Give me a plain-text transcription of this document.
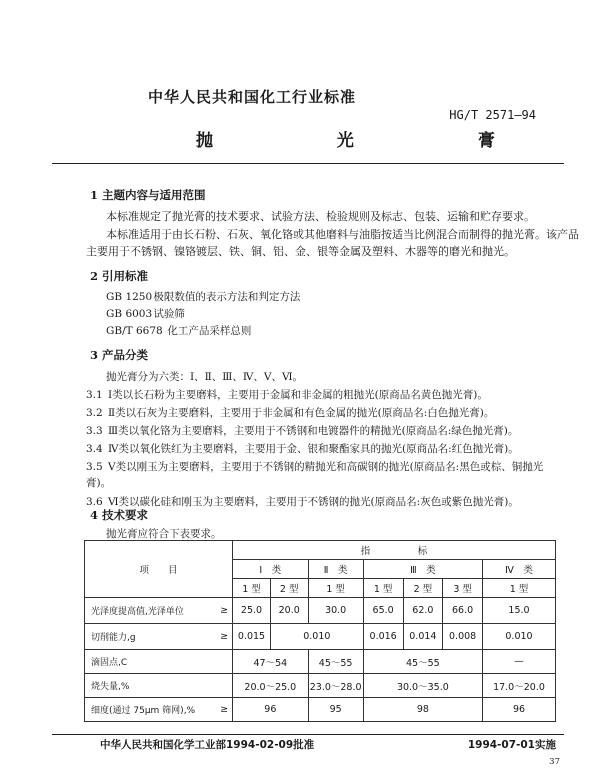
中华人民共和国化工行业标准
HG/T 2571—94
抛 光 膏
1 主题内容与适用范围
本标准规定了抛光膏的技术要求、试验方法、检验规则及标志、包装、运输和贮存要求。
本标准适用于由长石粉、石灰、氧化铬或其他磨料与油脂按适当比例混合而制得的抛光膏。该产品
主要用于不锈钢、镍铬镀层、铁、铜、铝、金、银等金属及塑料、木器等的磨光和抛光。
2 引用标准
GB 1250 极限数值的表示方法和判定方法
GB 6003 试验筛
GB/T 6678 化工产品采样总则
3 产品分类
抛光膏分为六类：Ⅰ、Ⅱ、Ⅲ、Ⅳ、Ⅴ、Ⅵ。
3.1 Ⅰ类以长石粉为主要磨料，主要用于金属和非金属的粗抛光(原商品名黄色抛光膏)。
3.2 Ⅱ类以石灰为主要磨料，主要用于非金属和有色金属的抛光(原商品名:白色抛光膏)。
3.3 Ⅲ类以氧化铬为主要磨料，主要用于不锈钢和电镀器件的精抛光(原商品名:绿色抛光膏)。
3.4 Ⅳ类以氧化铁红为主要磨料，主要用于金、银和聚酯家具的抛光(原商品名:红色抛光膏)。
3.5 Ⅴ类以刚玉为主要磨料，主要用于不锈钢的精抛光和高碳钢的抛光(原商品名:黑色或棕、铜抛光
膏)。
3.6 Ⅵ类以碳化硅和刚玉为主要磨料，主要用于不锈钢的抛光(原商品名:灰色或紫色抛光膏)。
4 技术要求
抛光膏应符合下表要求。
项　　目		指　　　　　标						
		Ⅰ　类		Ⅱ　类	Ⅲ　类			Ⅳ　类
		1 型	2 型	1 型	1 型	2 型	3 型	1 型
光泽度提高值,光泽单位	≥	25.0	20.0	30.0	65.0	62.0	66.0	15.0
切削能力,g	≥	0.015	0.010		0.016	0.014	0.008	0.010
滴固点,C		47～54		45～55	45～55			—
烧失量,%		20.0～25.0		23.0～28.0	30.0～35.0			17.0～20.0
细度(通过 75μm 筛网),%	≥	96		95	98			96
中华人民共和国化学工业部1994-02-09批准	1994-07-01实施
37
